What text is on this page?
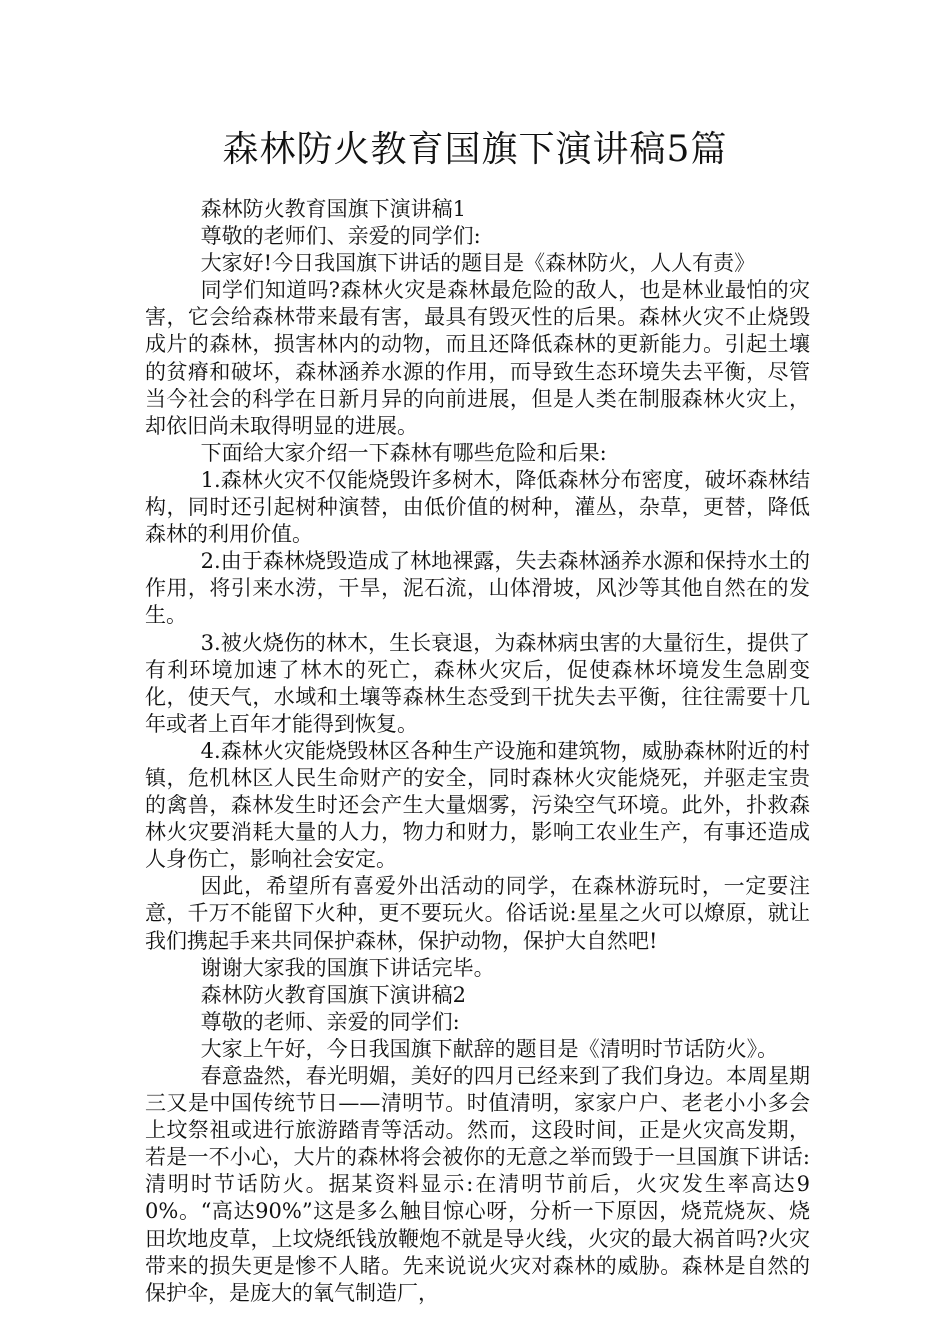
森林防火教育国旗下演讲稿5篇

森林防火教育国旗下演讲稿1

尊敬的老师们、亲爱的同学们:

大家好!今日我国旗下讲话的题目是《森林防火，人人有责》

同学们知道吗?森林火灾是森林最危险的敌人，也是林业最怕的灾害，它会给森林带来最有害，最具有毁灭性的后果。森林火灾不止烧毁成片的森林，损害林内的动物，而且还降低森林的更新能力。引起土壤的贫瘠和破坏，森林涵养水源的作用，而导致生态环境失去平衡，尽管当今社会的科学在日新月异的向前进展，但是人类在制服森林火灾上，却依旧尚未取得明显的进展。

下面给大家介绍一下森林有哪些危险和后果:

1.森林火灾不仅能烧毁许多树木，降低森林分布密度，破坏森林结构，同时还引起树种演替，由低价值的树种，灌丛，杂草，更替，降低森林的利用价值。

2.由于森林烧毁造成了林地裸露，失去森林涵养水源和保持水土的作用，将引来水涝，干旱，泥石流，山体滑坡，风沙等其他自然在的发生。

3.被火烧伤的林木，生长衰退，为森林病虫害的大量衍生，提供了有利环境加速了林木的死亡，森林火灾后，促使森林坏境发生急剧变化，使天气，水域和土壤等森林生态受到干扰失去平衡，往往需要十几年或者上百年才能得到恢复。

4.森林火灾能烧毁林区各种生产设施和建筑物，威胁森林附近的村镇，危机林区人民生命财产的安全，同时森林火灾能烧死，并驱走宝贵的禽兽，森林发生时还会产生大量烟雾，污染空气环境。此外，扑救森林火灾要消耗大量的人力，物力和财力，影响工农业生产，有事还造成人身伤亡，影响社会安定。

因此，希望所有喜爱外出活动的同学，在森林游玩时，一定要注意，千万不能留下火种，更不要玩火。俗话说:星星之火可以燎原，就让我们携起手来共同保护森林，保护动物，保护大自然吧!

谢谢大家我的国旗下讲话完毕。

森林防火教育国旗下演讲稿2

尊敬的老师、亲爱的同学们:

大家上午好，今日我国旗下献辞的题目是《清明时节话防火》。

春意盎然，春光明媚，美好的四月已经来到了我们身边。本周星期三又是中国传统节日——清明节。时值清明，家家户户、老老小小多会上坟祭祖或进行旅游踏青等活动。然而，这段时间，正是火灾高发期，若是一不小心，大片的森林将会被你的无意之举而毁于一旦国旗下讲话:清明时节话防火。据某资料显示:在清明节前后，火灾发生率高达90%。“高达90%”这是多么触目惊心呀，分析一下原因，烧荒烧灰、烧田坎地皮草，上坟烧纸钱放鞭炮不就是导火线，火灾的最大祸首吗?火灾带来的损失更是惨不人睹。先来说说火灾对森林的威胁。森林是自然的保护伞，是庞大的氧气制造厂，
